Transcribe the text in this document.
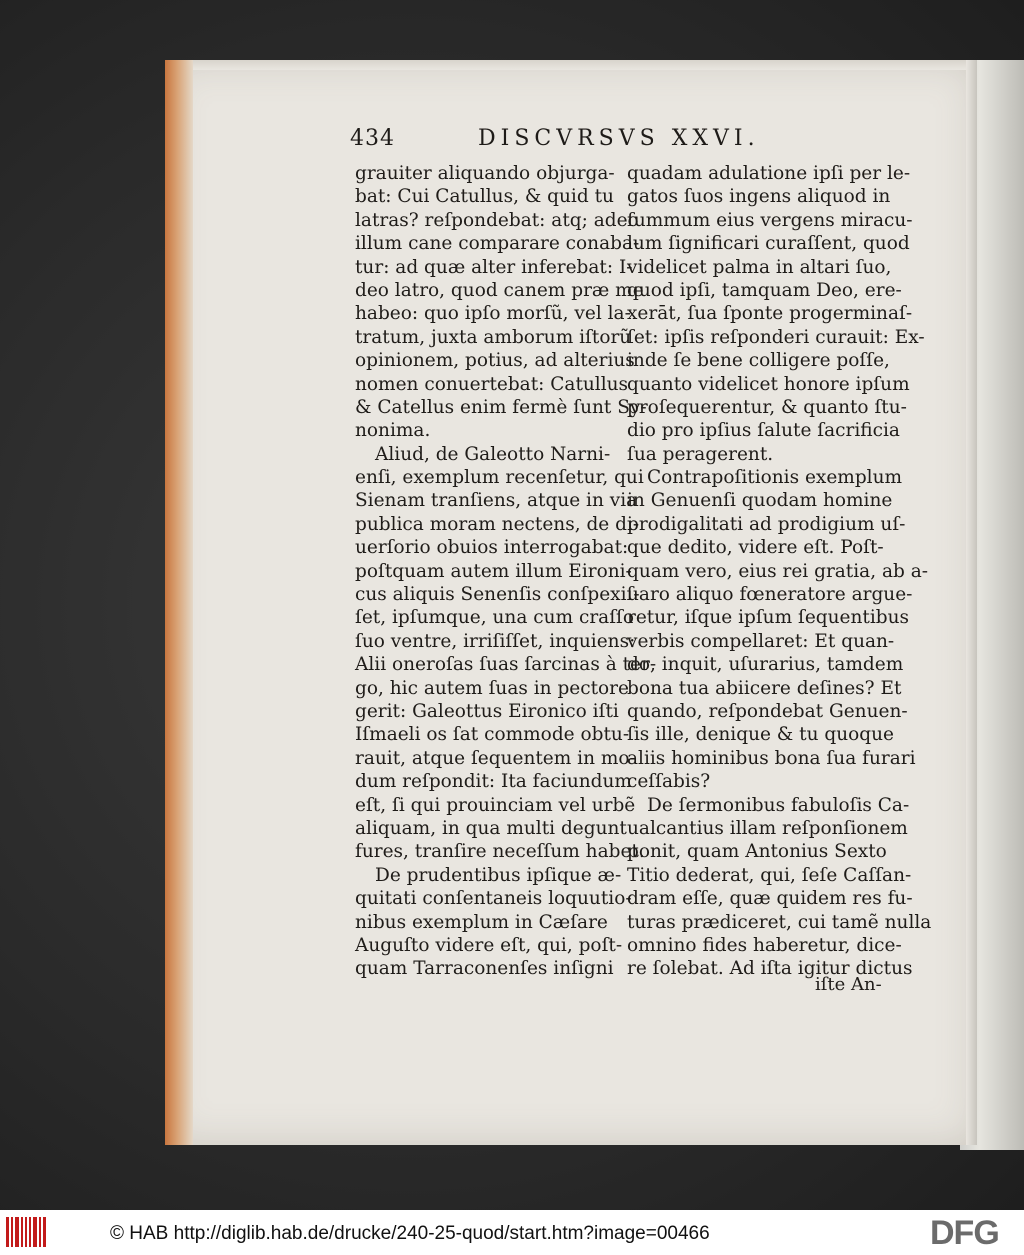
434	DISCVRSVS XXVI.
grauiter aliquando objurga-
bat: Cui Catullus, & quid tu
latras? reſpondebat: atq; adeo
illum cane comparare conaba-
tur: ad quæ alter inferebat: I-
deo latro, quod canem præ me
habeo: quo ipſo morſũ, vel la-
tratum, juxta amborum iſtorũ
opinionem, potius, ad alterius
nomen conuertebat: Catullus
& Catellus enim fermè ſunt Sy-
nonima.
Aliud, de Galeotto Narni-
enſi, exemplum recenſetur, qui
Sienam tranſiens, atque in via
publica moram nectens, de di-
uerſorio obuios interrogabat:
poſtquam autem illum Eironi-
cus aliquis Senenſis conſpexiſ-
ſet, ipſumque, una cum craſſo
ſuo ventre, irriſiſſet, inquiens:
Alii oneroſas ſuas ſarcinas à ter-
go, hic autem ſuas in pectore
gerit: Galeottus Eironico iſti
Iſmaeli os ſat commode obtu-
rauit, atque ſequentem in mo-
dum reſpondit: Ita faciundum
eſt, ſi qui prouinciam vel urbẽ
aliquam, in qua multi degunt
fures, tranſire neceſſum habet.
De prudentibus ipſique æ-
quitati conſentaneis loquutio-
nibus exemplum in Cæſare
Auguſto videre eſt, qui, poſt-
quam Tarraconenſes inſigni
quadam adulatione ipſi per le-
gatos ſuos ingens aliquod in
ſummum eius vergens miracu-
lum ſignificari curaſſent, quod
videlicet palma in altari ſuo,
quod ipſi, tamquam Deo, ere-
xerāt, ſua ſponte progerminaſ-
ſet: ipſis reſponderi curauit: Ex-
inde ſe bene colligere poſſe,
quanto videlicet honore ipſum
proſequerentur, & quanto ſtu-
dio pro ipſius ſalute ſacrificia
ſua peragerent.
Contrapoſitionis exemplum
in Genuenſi quodam homine
prodigalitati ad prodigium uſ-
que dedito, videre eſt. Poſt-
quam vero, eius rei gratia, ab a-
uaro aliquo fœneratore argue-
retur, iſque ipſum ſequentibus
verbis compellaret: Et quan-
do, inquit, uſurarius, tamdem
bona tua abiicere deſines? Et
quando, reſpondebat Genuen-
ſis ille, denique & tu quoque
aliis hominibus bona ſua furari
ceſſabis?
De ſermonibus fabuloſis Ca-
ualcantius illam reſponſionem
ponit, quam Antonius Sexto
Titio dederat, qui, ſeſe Caſſan-
dram eſſe, quæ quidem res fu-
turas prædiceret, cui tamẽ nulla
omnino fides haberetur, dice-
re ſolebat. Ad iſta igitur dictus
iſte An-
© HAB http://diglib.hab.de/drucke/240-25-quod/start.htm?image=00466	DFG
